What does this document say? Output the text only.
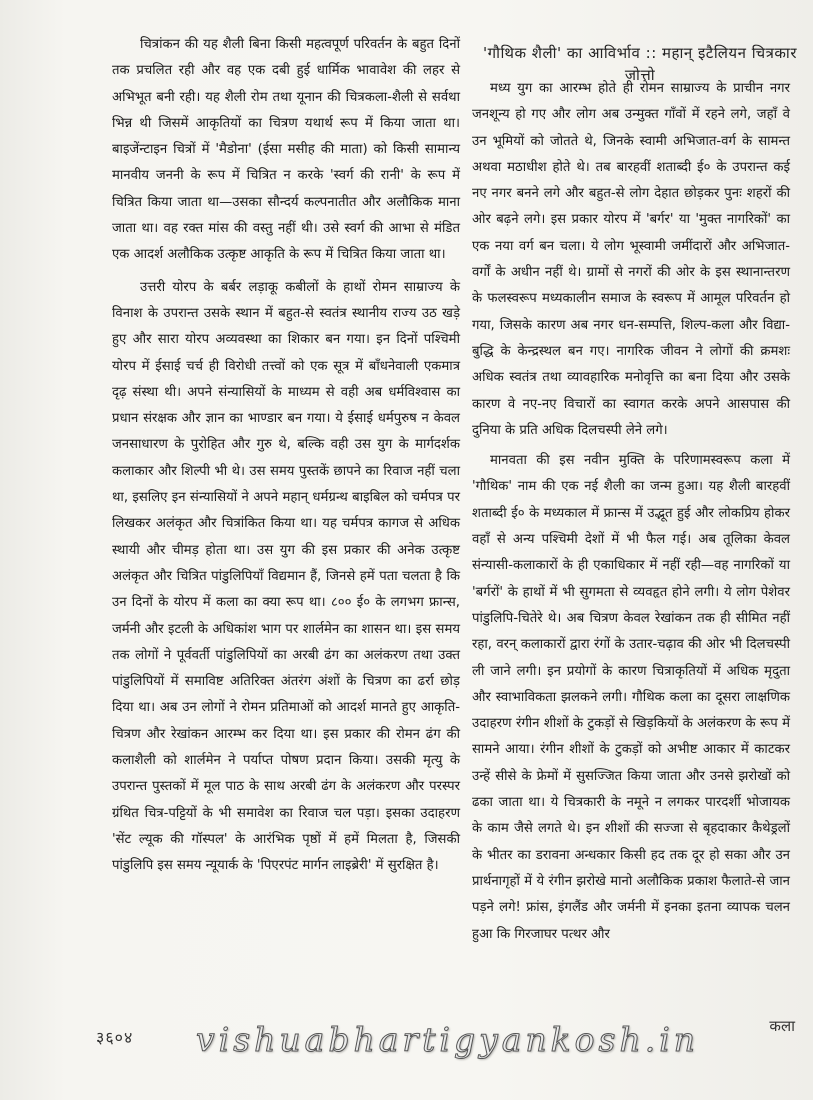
चित्रांकन की यह शैली बिना किसी महत्वपूर्ण परिवर्तन के बहुत दिनों तक प्रचलित रही और वह एक दबी हुई धार्मिक भावावेश की लहर से अभिभूत बनी रही। यह शैली रोम तथा यूनान की चित्रकला-शैली से सर्वथा भिन्न थी जिसमें आकृतियों का चित्रण यथार्थ रूप में किया जाता था। बाइजेंन्टाइन चित्रों में 'मैडोना' (ईसा मसीह की माता) को किसी सामान्य मानवीय जननी के रूप में चित्रित न करके 'स्वर्ग की रानी' के रूप में चित्रित किया जाता था—उसका सौन्दर्य कल्पनातीत और अलौकिक माना जाता था। वह रक्त मांस की वस्तु नहीं थी। उसे स्वर्ग की आभा से मंडित एक आदर्श अलौकिक उत्कृष्ट आकृति के रूप में चित्रित किया जाता था।

उत्तरी योरप के बर्बर लड़ाकू कबीलों के हाथों रोमन साम्राज्य के विनाश के उपरान्त उसके स्थान में बहुत-से स्वतंत्र स्थानीय राज्य उठ खड़े हुए और सारा योरप अव्यवस्था का शिकार बन गया। इन दिनों पश्चिमी योरप में ईसाई चर्च ही विरोधी तत्त्वों को एक सूत्र में बाँधनेवाली एकमात्र दृढ़ संस्था थी। अपने संन्यासियों के माध्यम से वही अब धर्मविश्वास का प्रधान संरक्षक और ज्ञान का भाण्डार बन गया। ये ईसाई धर्मपुरुष न केवल जनसाधारण के पुरोहित और गुरु थे, बल्कि वही उस युग के मार्गदर्शक कलाकार और शिल्पी भी थे। उस समय पुस्तकें छापने का रिवाज नहीं चला था, इसलिए इन संन्यासियों ने अपने महान् धर्मग्रन्थ बाइबिल को चर्मपत्र पर लिखकर अलंकृत और चित्रांकित किया था। यह चर्मपत्र कागज से अधिक स्थायी और चीमड़ होता था। उस युग की इस प्रकार की अनेक उत्कृष्ट अलंकृत और चित्रित पांडुलिपियाँ विद्यमान हैं, जिनसे हमें पता चलता है कि उन दिनों के योरप में कला का क्या रूप था। ८०० ई० के लगभग फ्रान्स, जर्मनी और इटली के अधिकांश भाग पर शार्लमेन का शासन था। इस समय तक लोगों ने पूर्ववर्ती पांडुलिपियों का अरबी ढंग का अलंकरण तथा उक्त पांडुलिपियों में समाविष्ट अतिरिक्त अंतरंग अंशों के चित्रण का ढर्रा छोड़ दिया था। अब उन लोगों ने रोमन प्रतिमाओं को आदर्श मानते हुए आकृति-चित्रण और रेखांकन आरम्भ कर दिया था। इस प्रकार की रोमन ढंग की कलाशैली को शार्लमेन ने पर्याप्त पोषण प्रदान किया। उसकी मृत्यु के उपरान्त पुस्तकों में मूल पाठ के साथ अरबी ढंग के अलंकरण और परस्पर ग्रंथित चित्र-पट्टियों के भी समावेश का रिवाज चल पड़ा। इसका उदाहरण 'सेंट ल्यूक की गॉस्पल' के आरंभिक पृष्ठों में हमें मिलता है, जिसकी पांडुलिपि इस समय न्यूयार्क के 'पिएरपंट मार्गन लाइब्रेरी' में सुरक्षित है।

'गौथिक शैली' का आविर्भाव :: महान् इटैलियन चित्रकार जोत्तो

मध्य युग का आरम्भ होते ही रोमन साम्राज्य के प्राचीन नगर जनशून्य हो गए और लोग अब उन्मुक्त गाँवों में रहने लगे, जहाँ वे उन भूमियों को जोतते थे, जिनके स्वामी अभिजात-वर्ग के सामन्त अथवा मठाधीश होते थे। तब बारहवीं शताब्दी ई० के उपरान्त कई नए नगर बनने लगे और बहुत-से लोग देहात छोड़कर पुनः शहरों की ओर बढ़ने लगे। इस प्रकार योरप में 'बर्गर' या 'मुक्त नागरिकों' का एक नया वर्ग बन चला। ये लोग भूस्वामी जमींदारों और अभिजात-वर्गों के अधीन नहीं थे। ग्रामों से नगरों की ओर के इस स्थानान्तरण के फलस्वरूप मध्यकालीन समाज के स्वरूप में आमूल परिवर्तन हो गया, जिसके कारण अब नगर धन-सम्पत्ति, शिल्प-कला और विद्या-बुद्धि के केन्द्रस्थल बन गए। नागरिक जीवन ने लोगों की क्रमशः अधिक स्वतंत्र तथा व्यावहारिक मनोवृत्ति का बना दिया और उसके कारण वे नए-नए विचारों का स्वागत करके अपने आसपास की दुनिया के प्रति अधिक दिलचस्पी लेने लगे।

मानवता की इस नवीन मुक्ति के परिणामस्वरूप कला में 'गौथिक' नाम की एक नई शैली का जन्म हुआ। यह शैली बारहवीं शताब्दी ई० के मध्यकाल में फ्रान्स में उद्भूत हुई और लोकप्रिय होकर वहाँ से अन्य पश्चिमी देशों में भी फैल गई। अब तूलिका केवल संन्यासी-कलाकारों के ही एकाधिकार में नहीं रही—वह नागरिकों या 'बर्गरों' के हाथों में भी सुगमता से व्यवहृत होने लगी। ये लोग पेशेवर पांडुलिपि-चितेरे थे। अब चित्रण केवल रेखांकन तक ही सीमित नहीं रहा, वरन् कलाकारों द्वारा रंगों के उतार-चढ़ाव की ओर भी दिलचस्पी ली जाने लगी। इन प्रयोगों के कारण चित्राकृतियों में अधिक मृदुता और स्वाभाविकता झलकने लगी। गौथिक कला का दूसरा लाक्षणिक उदाहरण रंगीन शीशों के टुकड़ों से खिड़कियों के अलंकरण के रूप में सामने आया। रंगीन शीशों के टुकड़ों को अभीष्ट आकार में काटकर उन्हें सीसे के फ्रेमों में सुसज्जित किया जाता और उनसे झरोखों को ढका जाता था। ये चित्रकारी के नमूने न लगकर पारदर्शी भोजायक के काम जैसे लगते थे। इन शीशों की सज्जा से बृहदाकार कैथेड्रलों के भीतर का डरावना अन्धकार किसी हद तक दूर हो सका और उन प्रार्थनागृहों में ये रंगीन झरोखे मानो अलौकिक प्रकाश फैलाते-से जान पड़ने लगे! फ्रांस, इंगलैंड और जर्मनी में इनका इतना व्यापक चलन हुआ कि गिरजाघर पत्थर और

३६०४ vishuabhartigyankosh.in	कला
